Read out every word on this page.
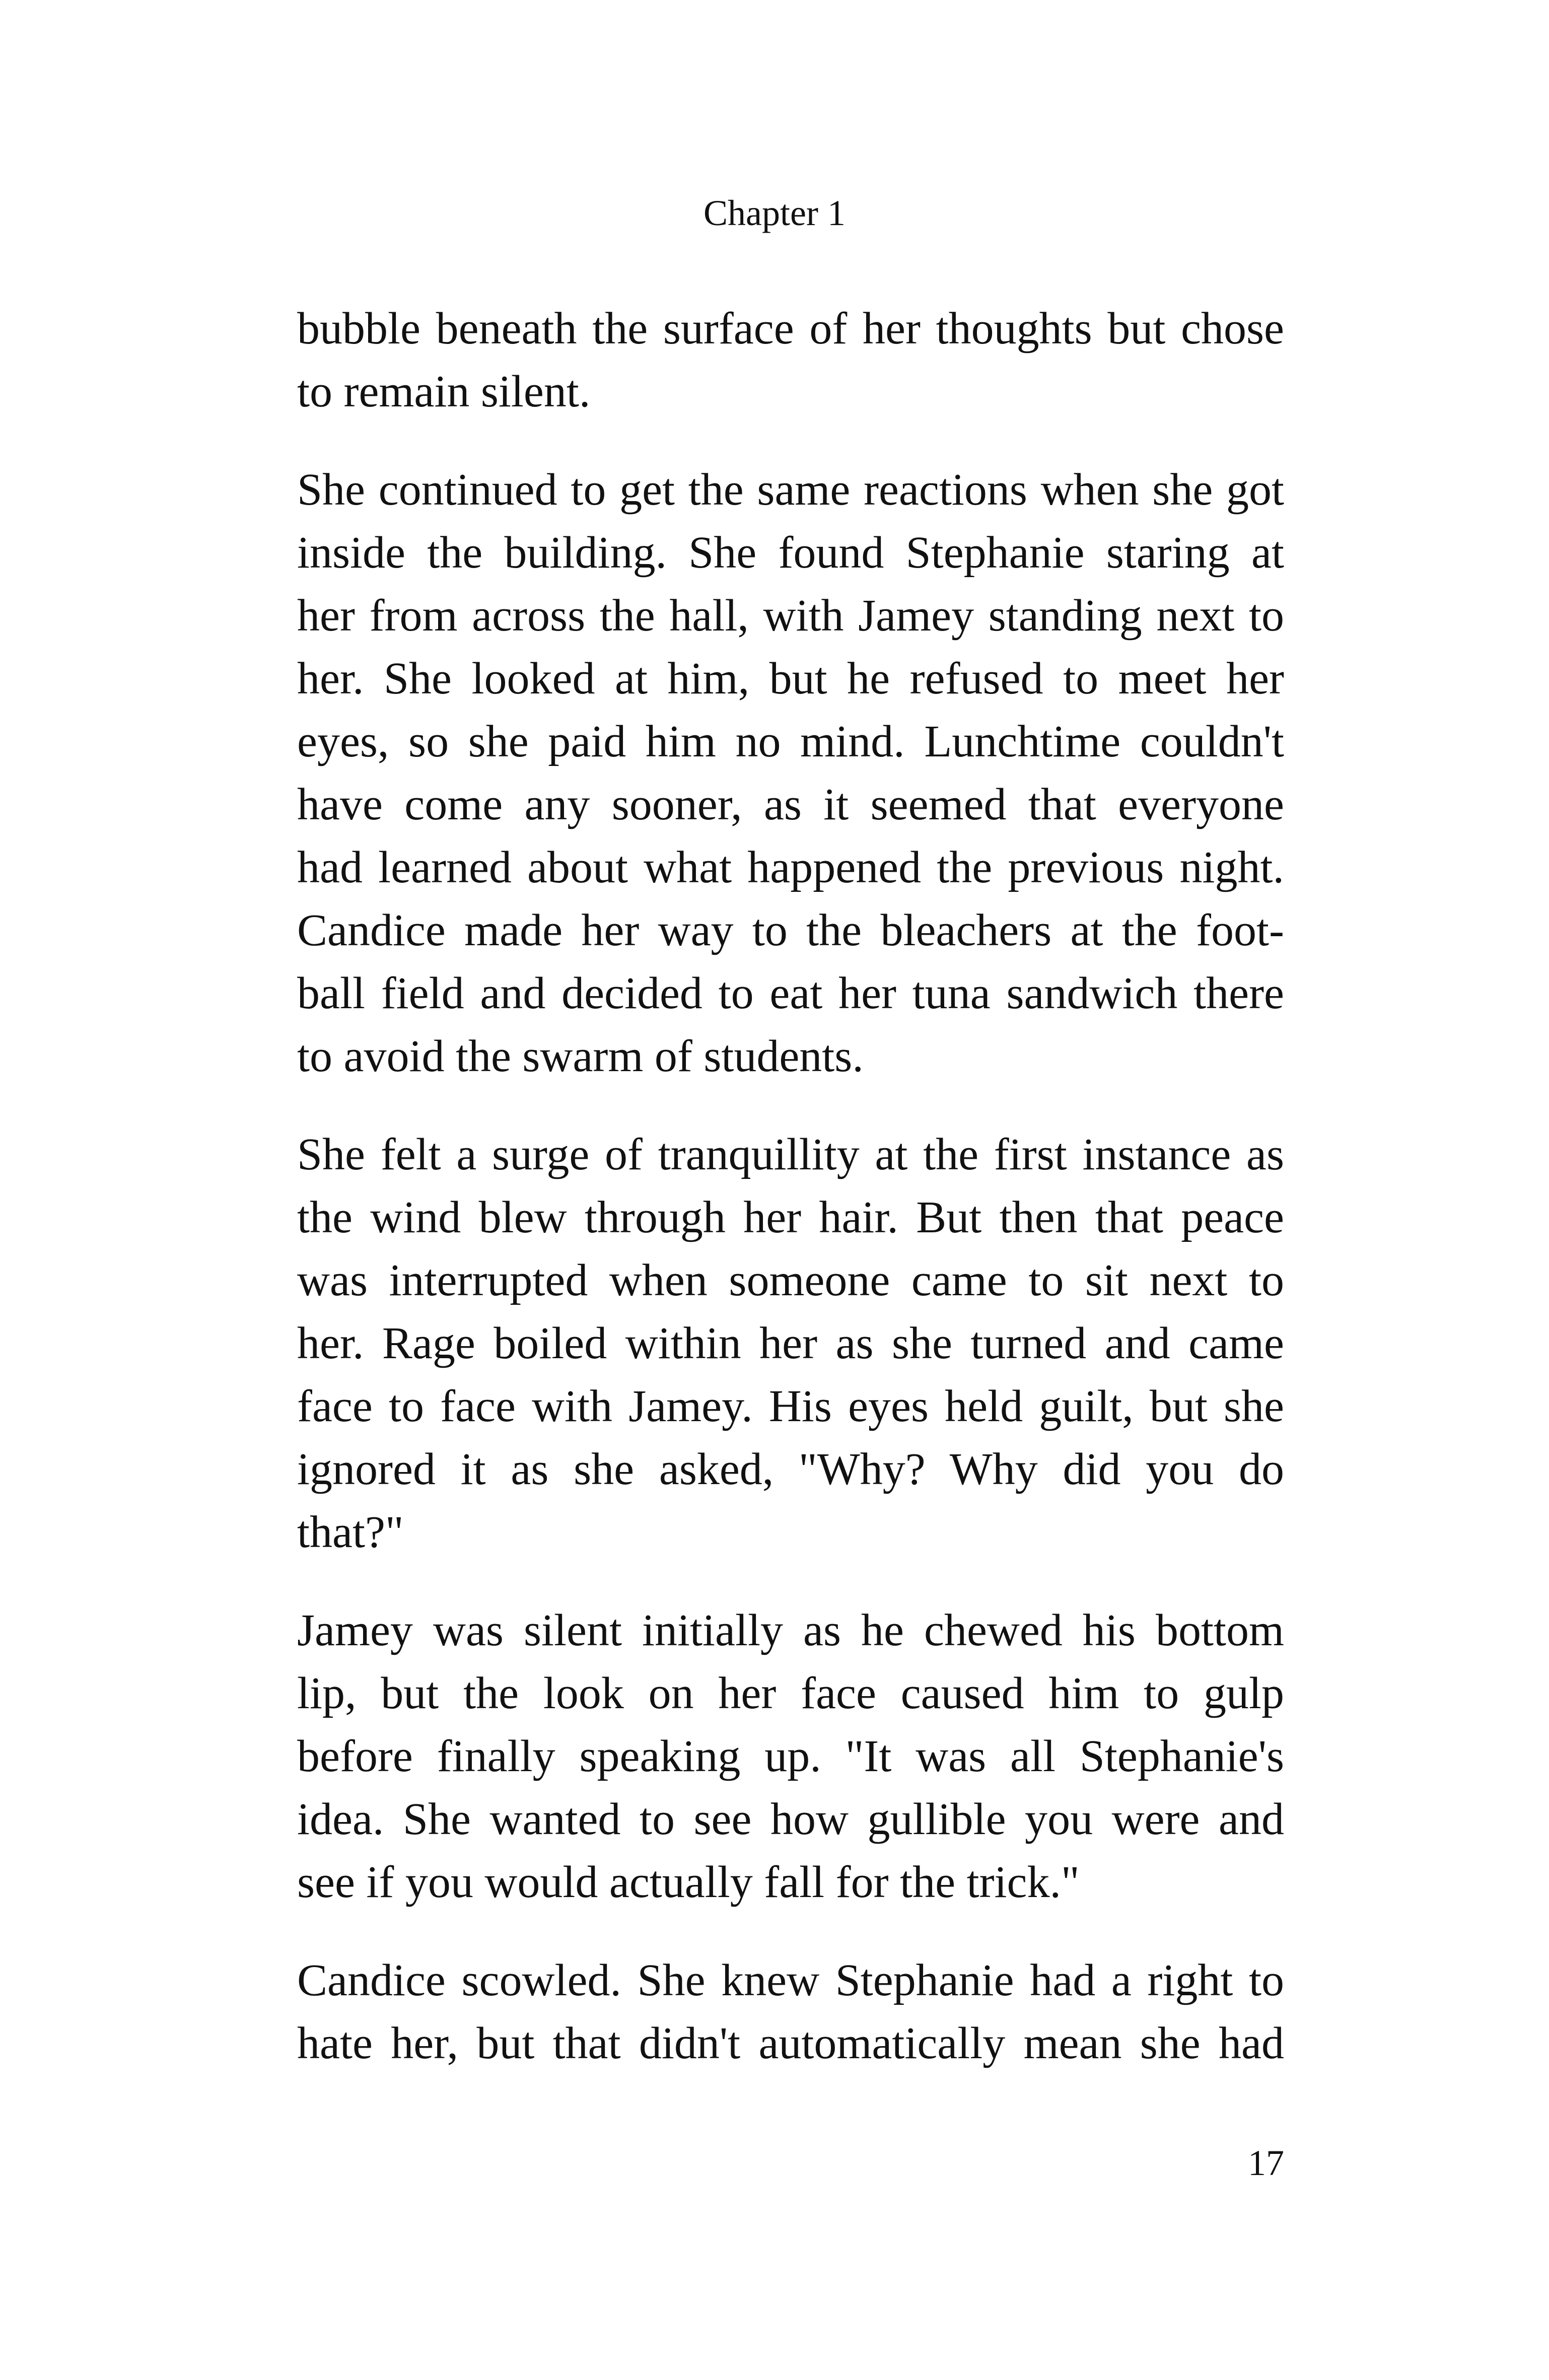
Chapter 1

bubble beneath the surface of her thoughts but chose
to remain silent.

She continued to get the same reactions when she got
inside the building. She found Stephanie staring at
her from across the hall, with Jamey standing next to
her. She looked at him, but he refused to meet her
eyes, so she paid him no mind. Lunchtime couldn't
have come any sooner, as it seemed that everyone
had learned about what happened the previous night.
Candice made her way to the bleachers at the foot-
ball field and decided to eat her tuna sandwich there
to avoid the swarm of students.

She felt a surge of tranquillity at the first instance as
the wind blew through her hair. But then that peace
was interrupted when someone came to sit next to
her. Rage boiled within her as she turned and came
face to face with Jamey. His eyes held guilt, but she
ignored it as she asked, "Why? Why did you do
that?"

Jamey was silent initially as he chewed his bottom
lip, but the look on her face caused him to gulp
before finally speaking up. "It was all Stephanie's
idea. She wanted to see how gullible you were and
see if you would actually fall for the trick."

Candice scowled. She knew Stephanie had a right to
hate her, but that didn't automatically mean she had

17
